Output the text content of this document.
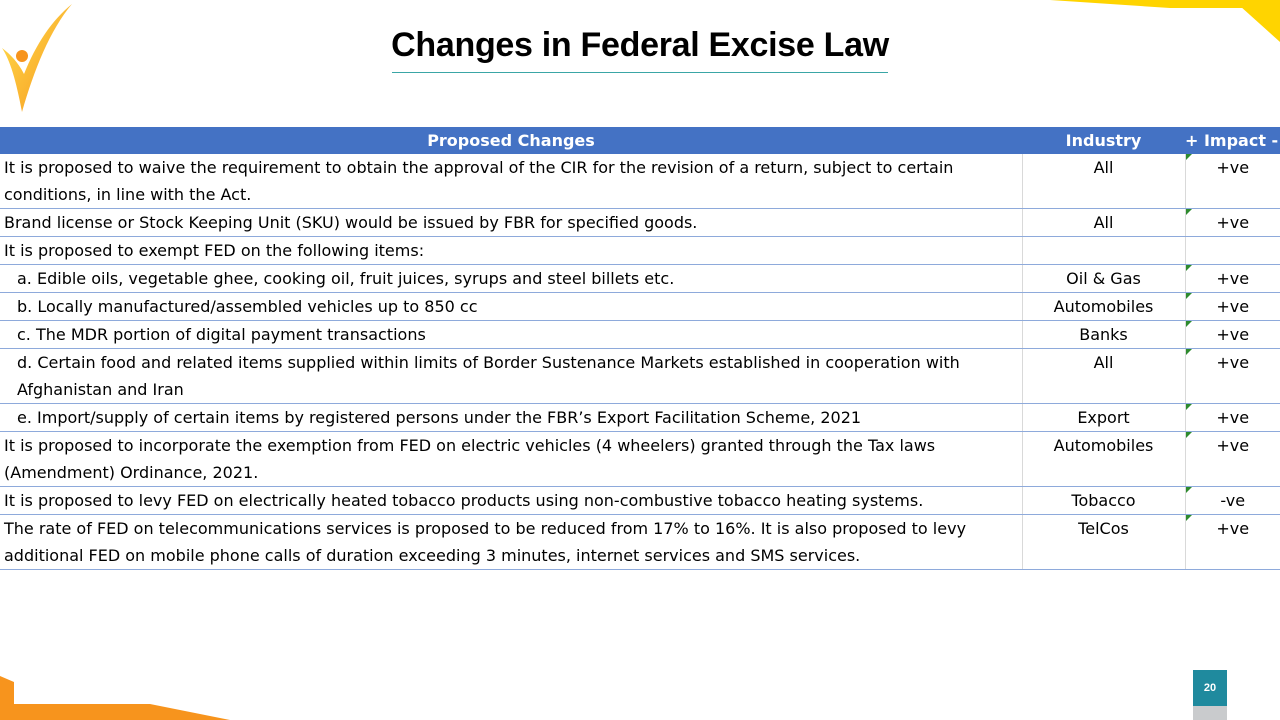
Changes in Federal Excise Law
Proposed Changes	Industry	+ Impact -
It is proposed to waive the requirement to obtain the approval of the CIR for the revision of a return, subject to certain conditions, in line with the Act.	All	+ve
Brand license or Stock Keeping Unit (SKU) would be issued by FBR for specified goods.	All	+ve
It is proposed to exempt FED on the following items:		
a. Edible oils, vegetable ghee, cooking oil, fruit juices, syrups and steel billets etc.	Oil & Gas	+ve
b. Locally manufactured/assembled vehicles up to 850 cc	Automobiles	+ve
c. The MDR portion of digital payment transactions	Banks	+ve
d. Certain food and related items supplied within limits of Border Sustenance Markets established in cooperation with Afghanistan and Iran	All	+ve
e. Import/supply of certain items by registered persons under the FBR’s Export Facilitation Scheme, 2021	Export	+ve
It is proposed to incorporate the exemption from FED on electric vehicles (4 wheelers) granted through the Tax laws (Amendment) Ordinance, 2021.	Automobiles	+ve
It is proposed to levy FED on electrically heated tobacco products using non-combustive tobacco heating systems.	Tobacco	-ve
The rate of FED on telecommunications services is proposed to be reduced from 17% to 16%. It is also proposed to levy additional FED on mobile phone calls of duration exceeding 3 minutes, internet services and SMS services.	TelCos	+ve
20
